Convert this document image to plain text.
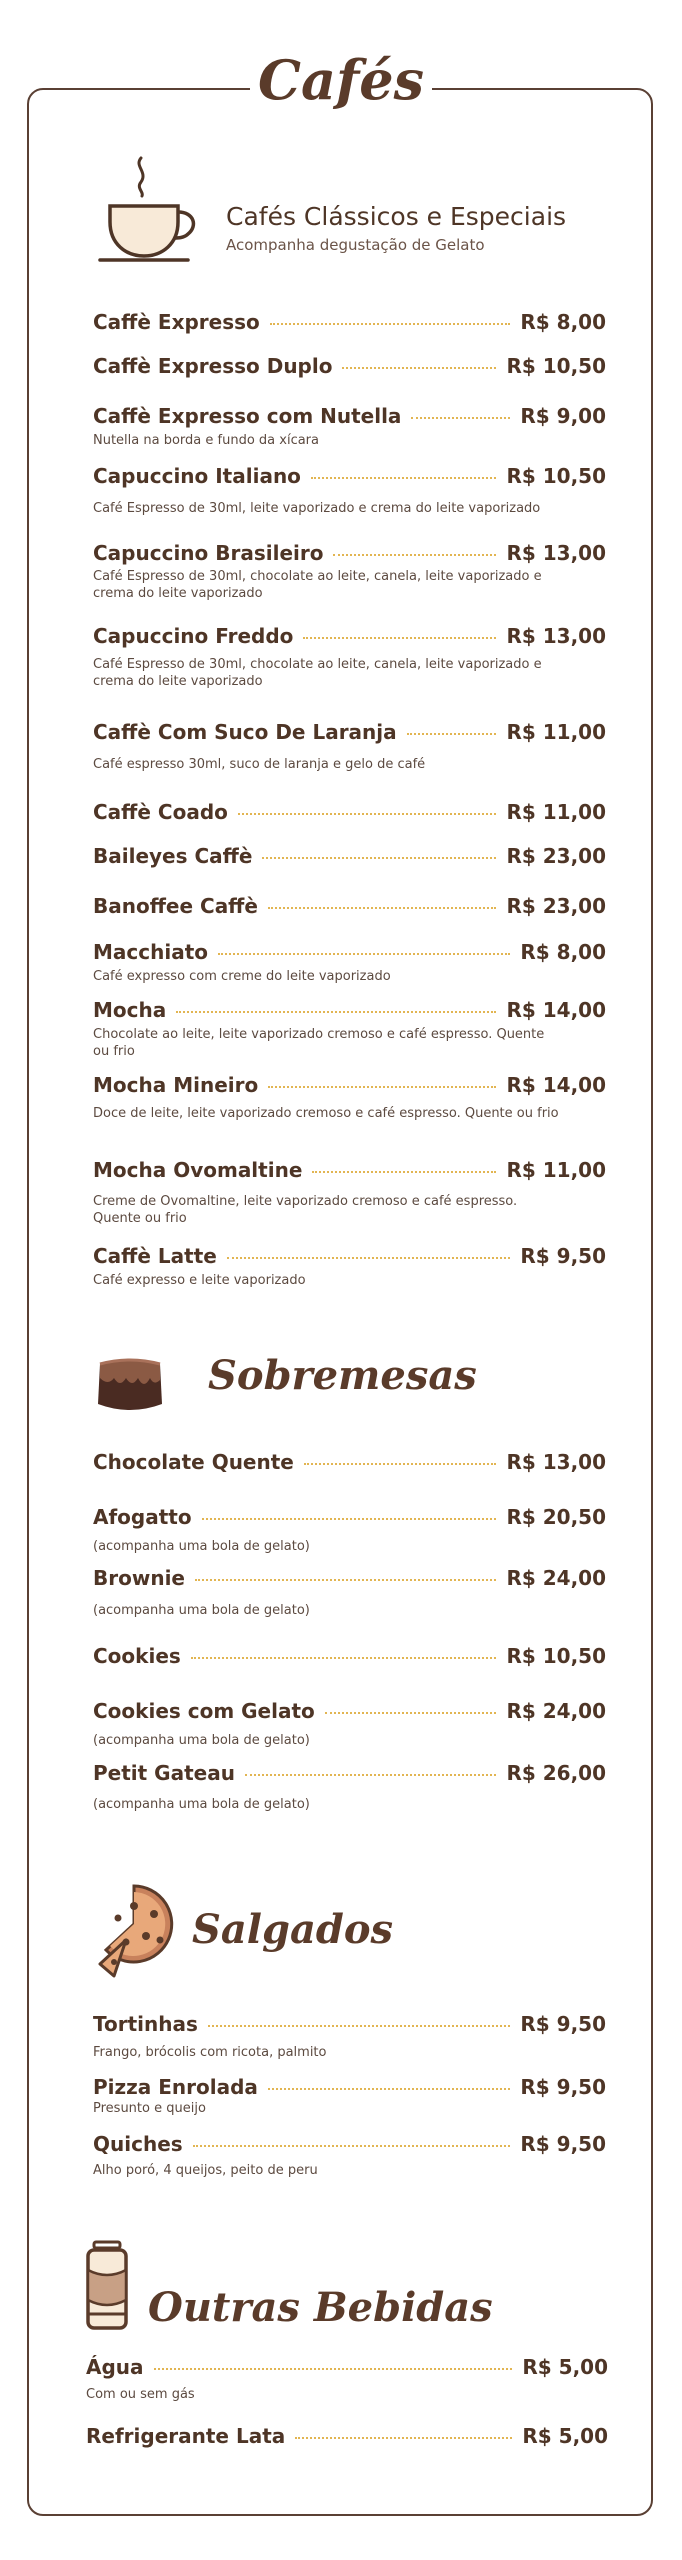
Cafés
Cafés Clássicos e Especiais
Acompanha degustação de Gelato
Caffè Expresso	R$ 8,00
Caffè Expresso Duplo	R$ 10,50
Caffè Expresso com Nutella	R$ 9,00
Nutella na borda e fundo da xícara
Capuccino Italiano	R$ 10,50
Café Espresso de 30ml, leite vaporizado e crema do leite vaporizado
Capuccino Brasileiro	R$ 13,00
Café Espresso de 30ml, chocolate ao leite, canela, leite vaporizado e crema do leite vaporizado
Capuccino Freddo	R$ 13,00
Café Espresso de 30ml, chocolate ao leite, canela, leite vaporizado e crema do leite vaporizado
Caffè Com Suco De Laranja	R$ 11,00
Café espresso 30ml, suco de laranja e gelo de café
Caffè Coado	R$ 11,00
Baileyes Caffè	R$ 23,00
Banoffee Caffè	R$ 23,00
Macchiato	R$ 8,00
Café expresso com creme do leite vaporizado
Mocha	R$ 14,00
Chocolate ao leite, leite vaporizado cremoso e café espresso. Quente ou frio
Mocha Mineiro	R$ 14,00
Doce de leite, leite vaporizado cremoso e café espresso. Quente ou frio
Mocha Ovomaltine	R$ 11,00
Creme de Ovomaltine, leite vaporizado cremoso e café espresso. Quente ou frio
Caffè Latte	R$ 9,50
Café expresso e leite vaporizado
Sobremesas
Chocolate Quente	R$ 13,00
Afogatto	R$ 20,50
(acompanha uma bola de gelato)
Brownie	R$ 24,00
(acompanha uma bola de gelato)
Cookies	R$ 10,50
Cookies com Gelato	R$ 24,00
(acompanha uma bola de gelato)
Petit Gateau	R$ 26,00
(acompanha uma bola de gelato)
Salgados
Tortinhas	R$ 9,50
Frango, brócolis com ricota, palmito
Pizza Enrolada	R$ 9,50
Presunto e queijo
Quiches	R$ 9,50
Alho poró, 4 queijos, peito de peru
Outras Bebidas
Água	R$ 5,00
Com ou sem gás
Refrigerante Lata	R$ 5,00
